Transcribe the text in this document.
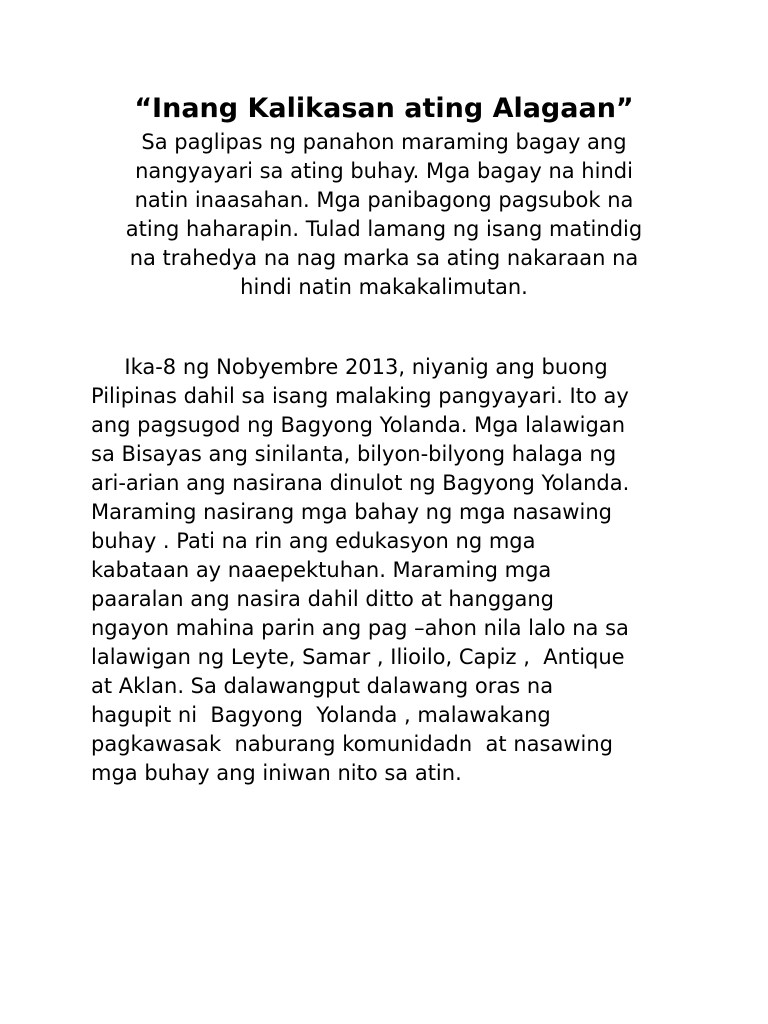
“Inang Kalikasan ating Alagaan”

Sa paglipas ng panahon maraming bagay ang
nangyayari sa ating buhay. Mga bagay na hindi
natin inaasahan. Mga panibagong pagsubok na
ating haharapin. Tulad lamang ng isang matindig
na trahedya na nag marka sa ating nakaraan na
hindi natin makakalimutan.

Ika-8 ng Nobyembre 2013, niyanig ang buong
Pilipinas dahil sa isang malaking pangyayari. Ito ay
ang pagsugod ng Bagyong Yolanda. Mga lalawigan
sa Bisayas ang sinilanta, bilyon-bilyong halaga ng
ari-arian ang nasirana dinulot ng Bagyong Yolanda.
Maraming nasirang mga bahay ng mga nasawing
buhay . Pati na rin ang edukasyon ng mga
kabataan ay naaepektuhan. Maraming mga
paaralan ang nasira dahil ditto at hanggang
ngayon mahina parin ang pag –ahon nila lalo na sa
lalawigan ng Leyte, Samar , Ilioilo, Capiz ,  Antique
at Aklan. Sa dalawangput dalawang oras na
hagupit ni  Bagyong  Yolanda , malawakang
pagkawasak  naburang komunidadn  at nasawing
mga buhay ang iniwan nito sa atin.
